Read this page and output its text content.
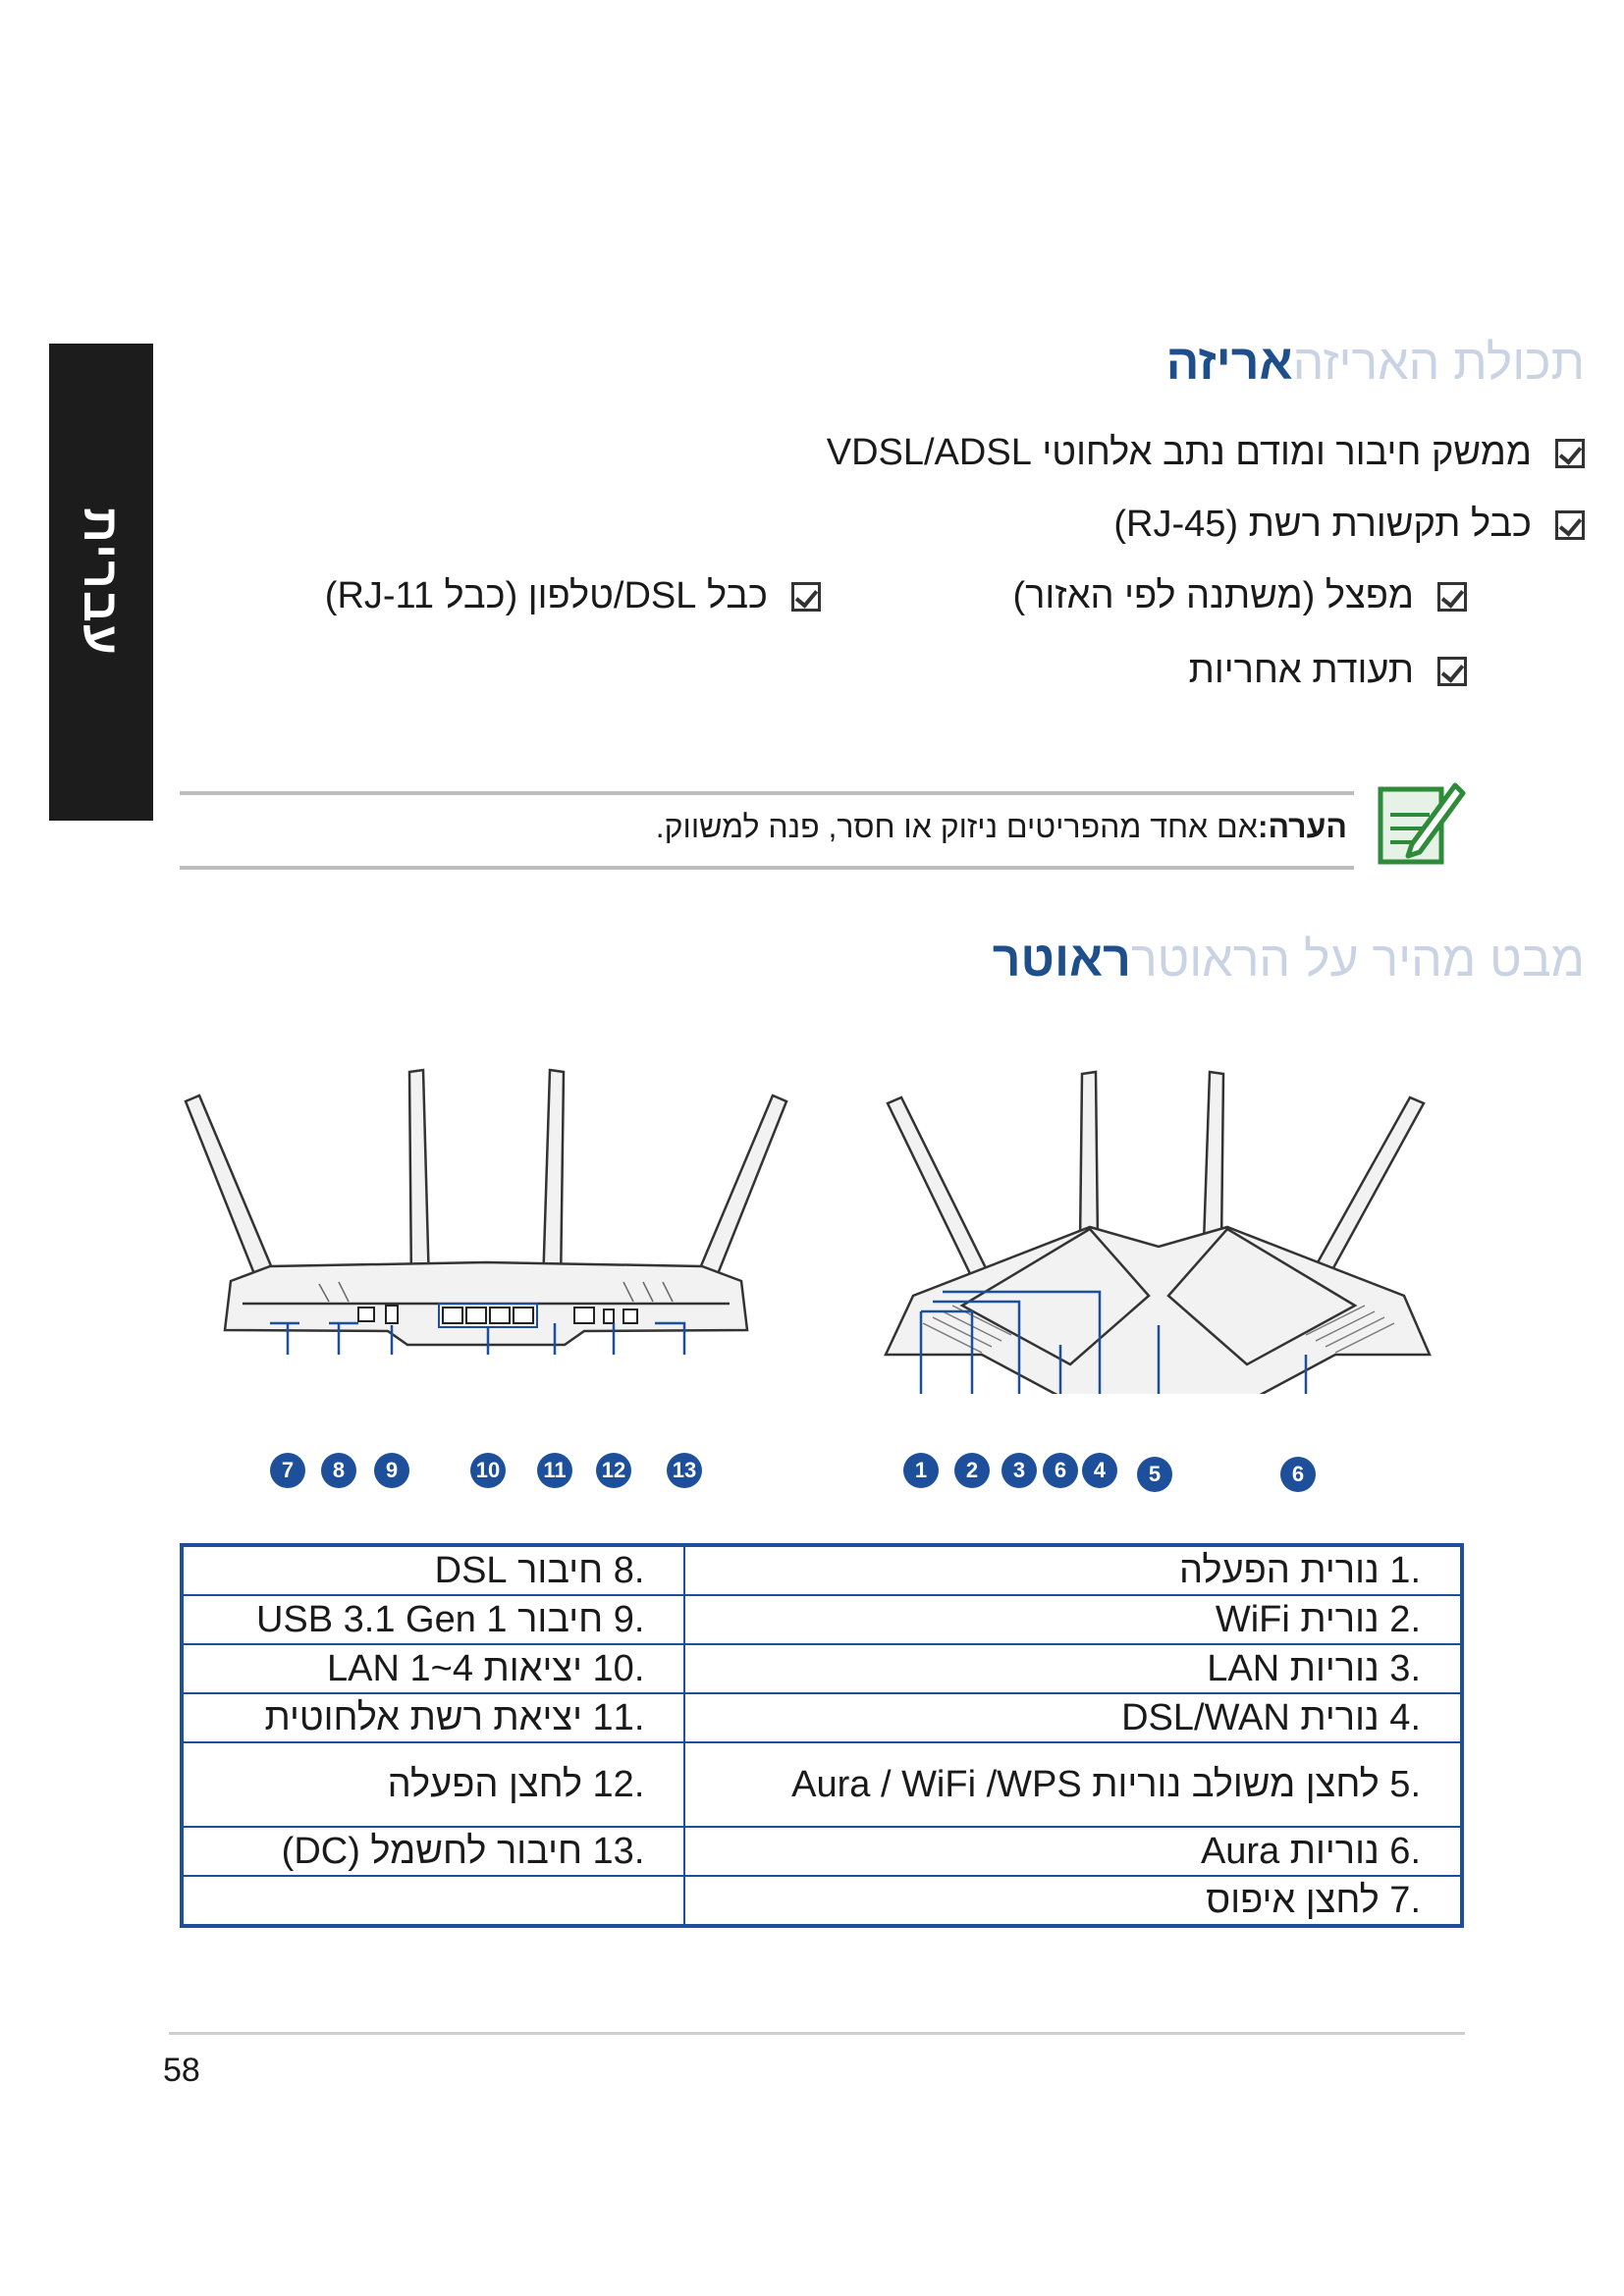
עברית
תכולת האריזהאריזה
ממשק חיבור ומודם נתב אלחוטי VDSL/ADSL
כבל תקשורת רשת (RJ-45)
מפצל (משתנה לפי האזור)
תעודת אחריות
כבל DSL/טלפון (כבל RJ-11)
הערה:אם אחד מהפריטים ניזוק או חסר, פנה למשווק.
מבט מהיר על הראוטרראוטר
7	8	9	10 11 12 13	1	2	3	6	4	5	6
.8 חיבור DSL	.1 נורית הפעלה
.9 חיבור USB 3.1 Gen 1	.2 נורית WiFi
.10 יציאות LAN 1~4	.3 נוריות LAN
.11 יציאת רשת אלחוטית	.4 נורית DSL/WAN
.12 לחצן הפעלה	.5 לחצן משולב נוריות Aura / WiFi /WPS
.13 חיבור לחשמל (DC)	.6 נוריות Aura
	.7 לחצן איפוס
58
